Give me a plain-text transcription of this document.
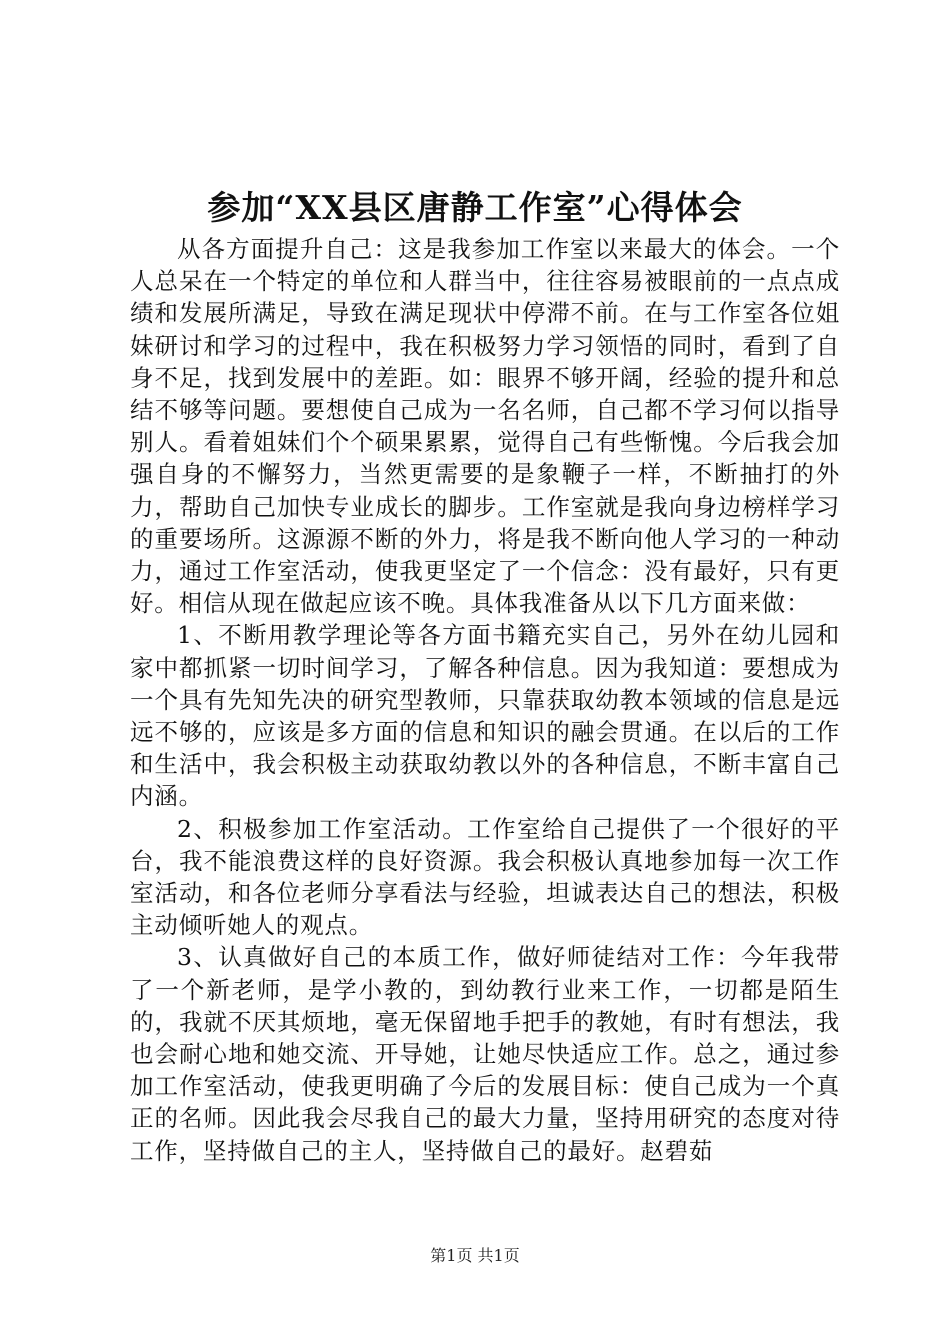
参加“XX县区唐静工作室”心得体会

从各方面提升自己：这是我参加工作室以来最大的体会。一个人总呆在一个特定的单位和人群当中，往往容易被眼前的一点点成绩和发展所满足，导致在满足现状中停滞不前。在与工作室各位姐妹研讨和学习的过程中，我在积极努力学习领悟的同时，看到了自身不足，找到发展中的差距。如：眼界不够开阔，经验的提升和总结不够等问题。要想使自己成为一名名师，自己都不学习何以指导别人。看着姐妹们个个硕果累累，觉得自己有些惭愧。今后我会加强自身的不懈努力，当然更需要的是象鞭子一样，不断抽打的外力，帮助自己加快专业成长的脚步。工作室就是我向身边榜样学习的重要场所。这源源不断的外力，将是我不断向他人学习的一种动力，通过工作室活动，使我更坚定了一个信念：没有最好，只有更好。相信从现在做起应该不晚。具体我准备从以下几方面来做：

1、不断用教学理论等各方面书籍充实自己，另外在幼儿园和家中都抓紧一切时间学习，了解各种信息。因为我知道：要想成为一个具有先知先决的研究型教师，只靠获取幼教本领域的信息是远远不够的，应该是多方面的信息和知识的融会贯通。在以后的工作和生活中，我会积极主动获取幼教以外的各种信息，不断丰富自己内涵。

2、积极参加工作室活动。工作室给自己提供了一个很好的平台，我不能浪费这样的良好资源。我会积极认真地参加每一次工作室活动，和各位老师分享看法与经验，坦诚表达自己的想法，积极主动倾听她人的观点。

3、认真做好自己的本质工作，做好师徒结对工作：今年我带了一个新老师，是学小教的，到幼教行业来工作，一切都是陌生的，我就不厌其烦地，毫无保留地手把手的教她，有时有想法，我也会耐心地和她交流、开导她，让她尽快适应工作。总之，通过参加工作室活动，使我更明确了今后的发展目标：使自己成为一个真正的名师。因此我会尽我自己的最大力量，坚持用研究的态度对待工作，坚持做自己的主人，坚持做自己的最好。赵碧茹

第1页 共1页
